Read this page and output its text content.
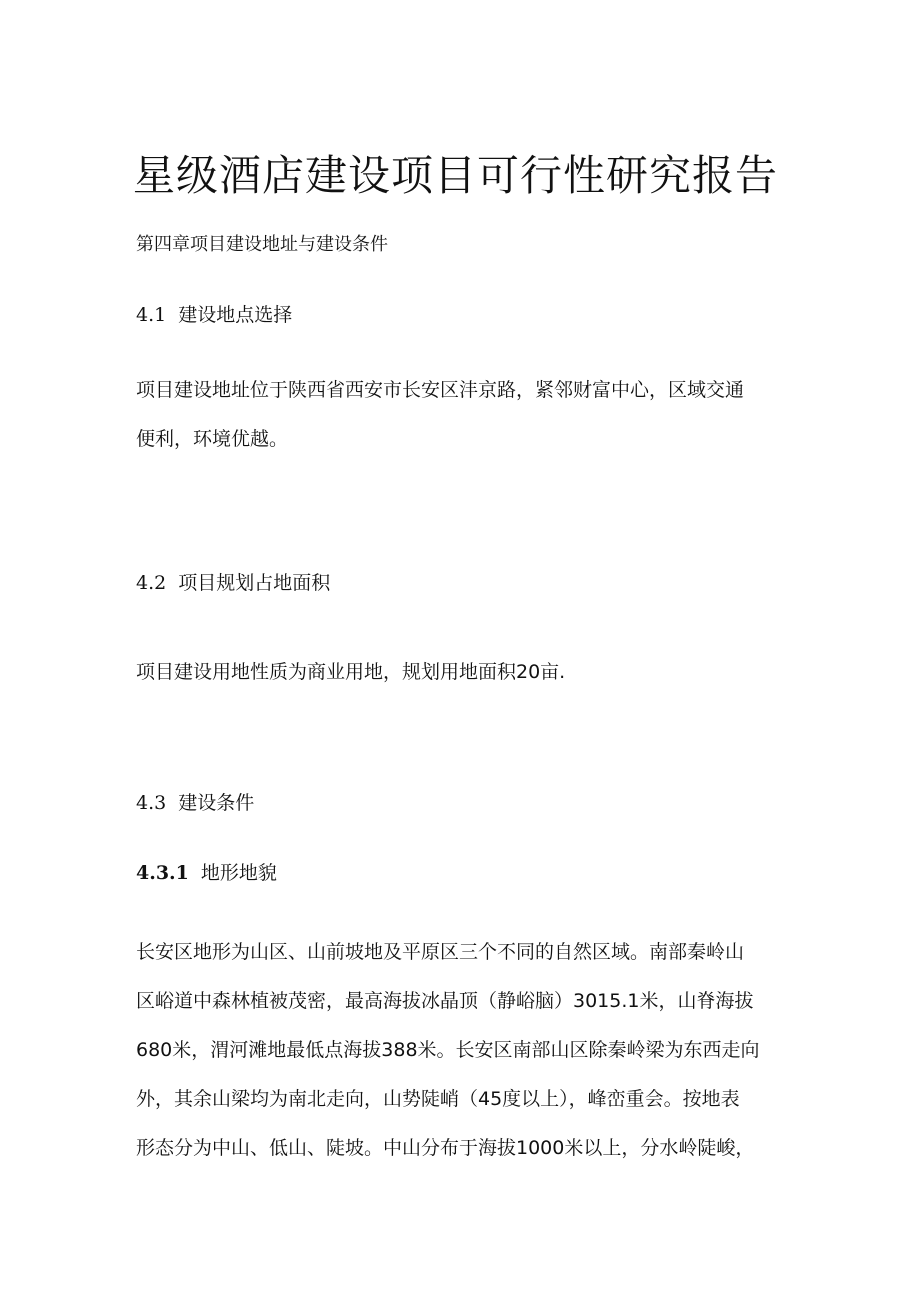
星级酒店建设项目可行性研究报告

第四章项目建设地址与建设条件

4.1 建设地点选择

项目建设地址位于陕西省西安市长安区沣京路，紧邻财富中心，区域交通
便利，环境优越。

4.2 项目规划占地面积

项目建设用地性质为商业用地，规划用地面积20亩.

4.3 建设条件

4.3.1 地形地貌

长安区地形为山区、山前坡地及平原区三个不同的自然区域。南部秦岭山
区峪道中森林植被茂密，最高海拔冰晶顶（静峪脑）3015.1米，山脊海拔
680米，渭河滩地最低点海拔388米。长安区南部山区除秦岭梁为东西走向
外，其余山梁均为南北走向，山势陡峭（45度以上），峰峦重会。按地表
形态分为中山、低山、陡坡。中山分布于海拔1000米以上，分水岭陡峻，
